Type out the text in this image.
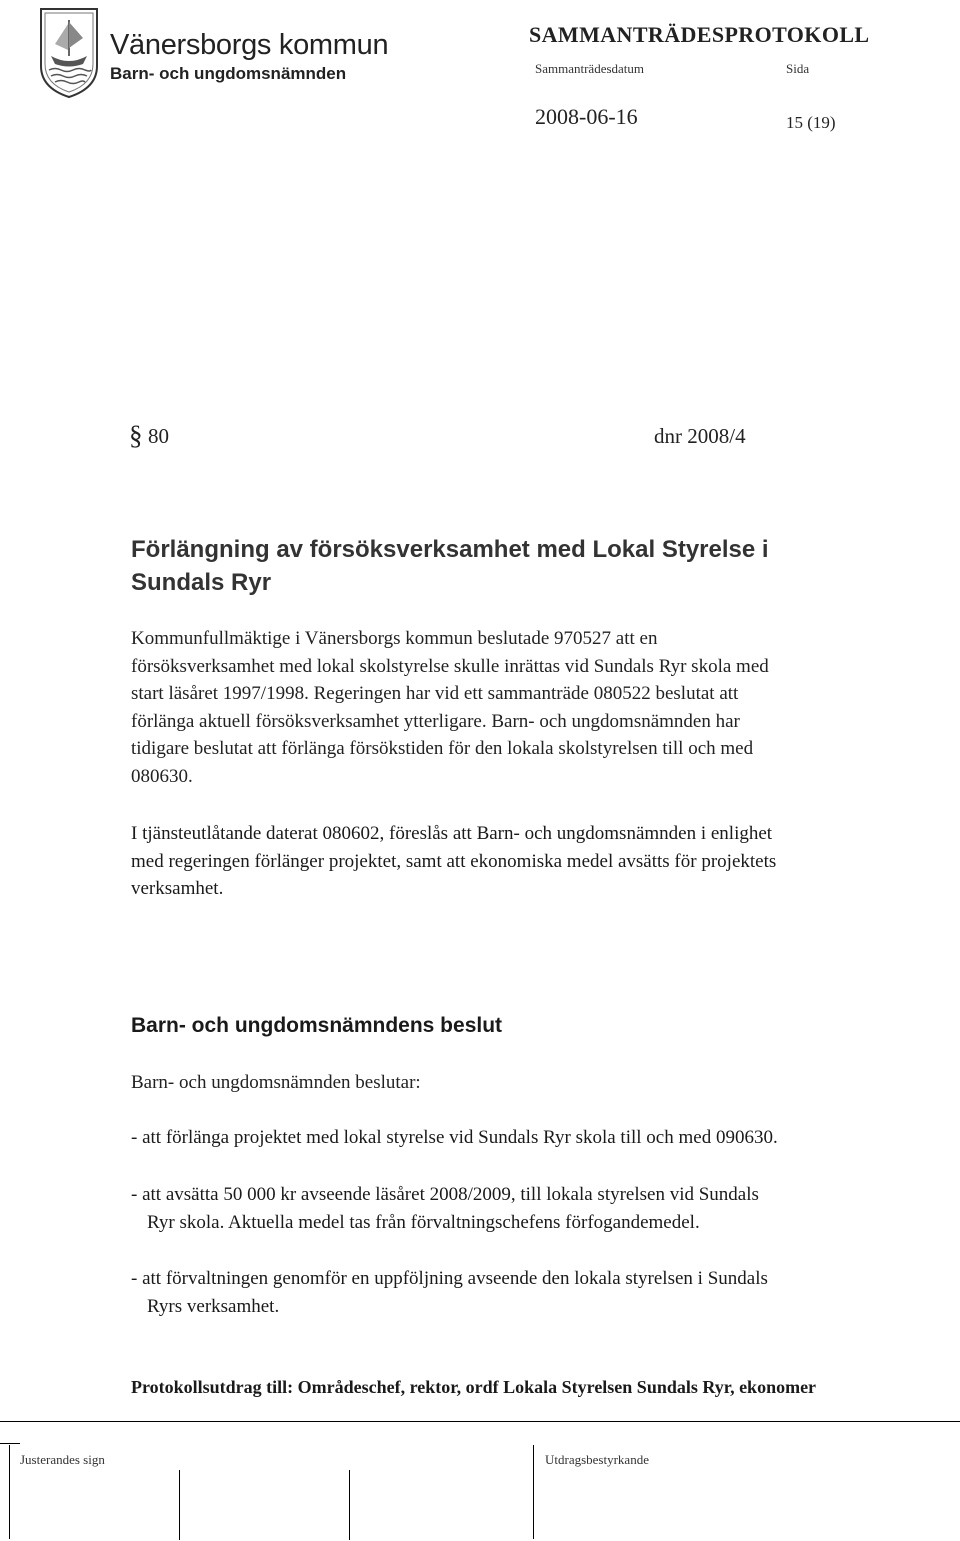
Vänersborgs kommun
Barn- och ungdomsnämnden
SAMMANTRÄDESPROTOKOLL
Sammanträdesdatum	Sida
2008-06-16	15 (19)
§ 80	dnr 2008/4
Förlängning av försöksverksamhet med Lokal Styrelse i
Sundals Ryr
Kommunfullmäktige i Vänersborgs kommun beslutade 970527 att en
försöksverksamhet med lokal skolstyrelse skulle inrättas vid Sundals Ryr skola med
start läsåret 1997/1998. Regeringen har vid ett sammanträde 080522 beslutat att
förlänga aktuell försöksverksamhet ytterligare. Barn- och ungdomsnämnden har
tidigare beslutat att förlänga försökstiden för den lokala skolstyrelsen till och med
080630.
I tjänsteutlåtande daterat 080602, föreslås att Barn- och ungdomsnämnden i enlighet
med regeringen förlänger projektet, samt att ekonomiska medel avsätts för projektets
verksamhet.
Barn- och ungdomsnämndens beslut
Barn- och ungdomsnämnden beslutar:
- att förlänga projektet med lokal styrelse vid Sundals Ryr skola till och med 090630.
- att avsätta 50 000 kr avseende läsåret 2008/2009, till lokala styrelsen vid Sundals
Ryr skola. Aktuella medel tas från förvaltningschefens förfogandemedel.
- att förvaltningen genomför en uppföljning avseende den lokala styrelsen i Sundals
Ryrs verksamhet.
Protokollsutdrag till: Områdeschef, rektor, ordf Lokala Styrelsen Sundals Ryr, ekonomer
Justerandes sign	Utdragsbestyrkande
